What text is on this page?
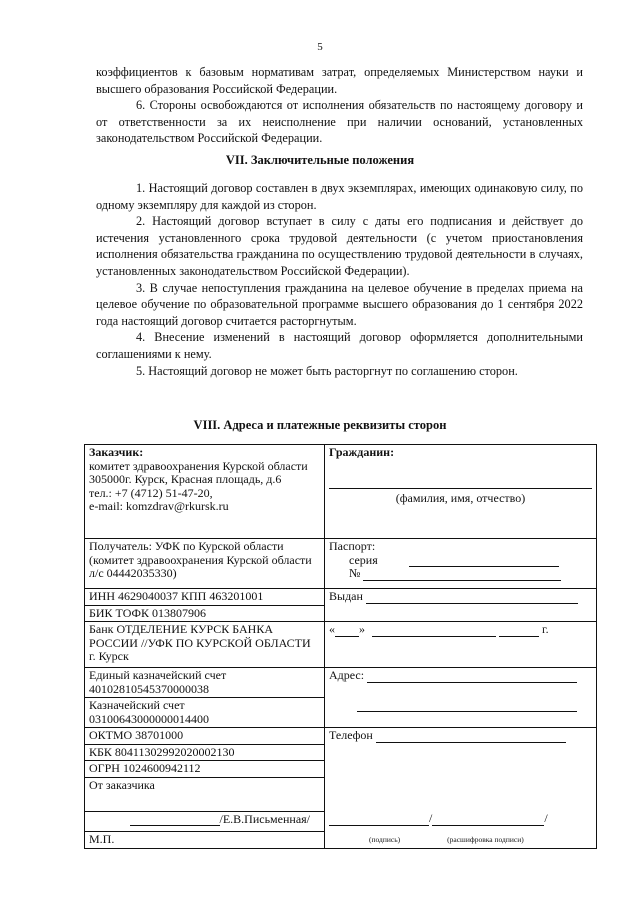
5

коэффициентов к базовым нормативам затрат, определяемых Министерством науки и высшего образования Российской Федерации.

6. Стороны освобождаются от исполнения обязательств по настоящему договору и от ответственности за их неисполнение при наличии оснований, установленных законодательством Российской Федерации.

VII. Заключительные положения

1. Настоящий договор составлен в двух экземплярах, имеющих одинаковую силу, по одному экземпляру для каждой из сторон.

2. Настоящий договор вступает в силу с даты его подписания и действует до истечения установленного срока трудовой деятельности (с учетом приостановления исполнения обязательства гражданина по осуществлению трудовой деятельности в случаях, установленных законодательством Российской Федерации).

3. В случае непоступления гражданина на целевое обучение в пределах приема на целевое обучение по образовательной программе высшего образования до 1 сентября 2022 года настоящий договор считается расторгнутым.

4. Внесение изменений в настоящий договор оформляется дополнительными соглашениями к нему.

5. Настоящий договор не может быть расторгнут по соглашению сторон.

VIII. Адреса и платежные реквизиты сторон
Заказчик:
комитет здравоохранения Курской области
305000г. Курск, Красная площадь, д.6
тел.: +7 (4712) 51-47-20,
e-mail: komzdrav@rkursk.ru	Гражданин:
(фамилия, имя, отчество)

Получатель: УФК по Курской области (комитет здравоохранения Курской области л/с 04442035330)	Паспорт:
серия
№

ИНН 4629040037 КПП 463201001	Выдан
БИК ТОФК 013807906	

Банк ОТДЕЛЕНИЕ КУРСК БАНКА РОССИИ //УФК ПО КУРСКОЙ ОБЛАСТИ г. Курск	« » г.

Единый казначейский счет
40102810545370000038	Адрес:

Казначейский счет
03100643000000014400	

ОКТМО 38701000	Телефон
КБК 80411302992020002130	
ОГРН 1024600942112	
От заказчика	
/Е.В.Письменная/	/ /
М.П.	(подпись) (расшифровка подписи)
